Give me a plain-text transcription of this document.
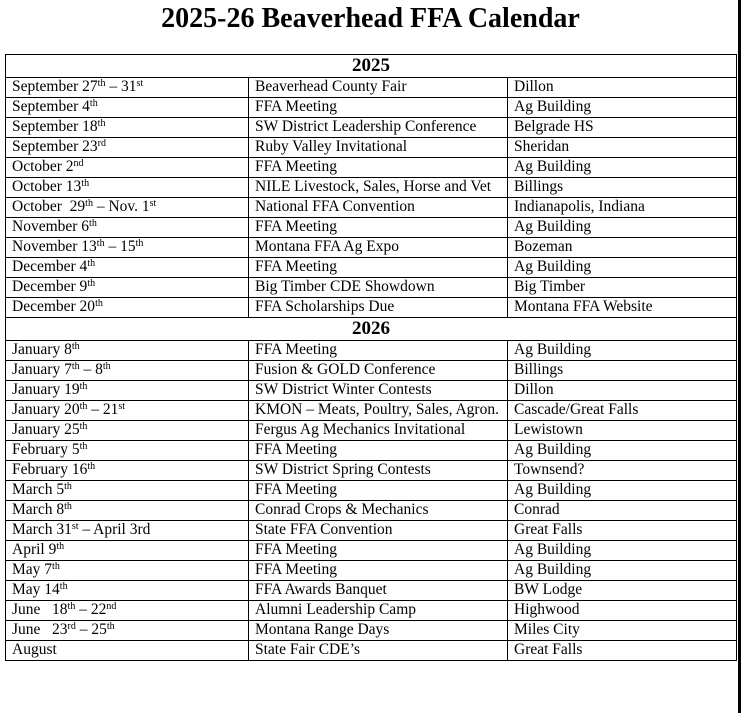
2025-26 Beaverhead FFA Calendar
2025		
September 27th – 31st	Beaverhead County Fair	Dillon
September 4th	FFA Meeting	Ag Building
September 18th	SW District Leadership Conference	Belgrade HS
September 23rd	Ruby Valley Invitational	Sheridan
October 2nd	FFA Meeting	Ag Building
October 13th	NILE Livestock, Sales, Horse and Vet	Billings
October  29th – Nov. 1st	National FFA Convention	Indianapolis, Indiana
November 6th	FFA Meeting	Ag Building
November 13th – 15th	Montana FFA Ag Expo	Bozeman
December 4th	FFA Meeting	Ag Building
December 9th	Big Timber CDE Showdown	Big Timber
December 20th	FFA Scholarships Due	Montana FFA Website
2026		
January 8th	FFA Meeting	Ag Building
January 7th – 8th	Fusion & GOLD Conference	Billings
January 19th	SW District Winter Contests	Dillon
January 20th – 21st	KMON – Meats, Poultry, Sales, Agron.	Cascade/Great Falls
January 25th	Fergus Ag Mechanics Invitational	Lewistown
February 5th	FFA Meeting	Ag Building
February 16th	SW District Spring Contests	Townsend?
March 5th	FFA Meeting	Ag Building
March 8th	Conrad Crops & Mechanics	Conrad
March 31st – April 3rd	State FFA Convention	Great Falls
April 9th	FFA Meeting	Ag Building
May 7th	FFA Meeting	Ag Building
May 14th	FFA Awards Banquet	BW Lodge
June   18th – 22nd	Alumni Leadership Camp	Highwood
June   23rd – 25th	Montana Range Days	Miles City
August	State Fair CDE’s	Great Falls
